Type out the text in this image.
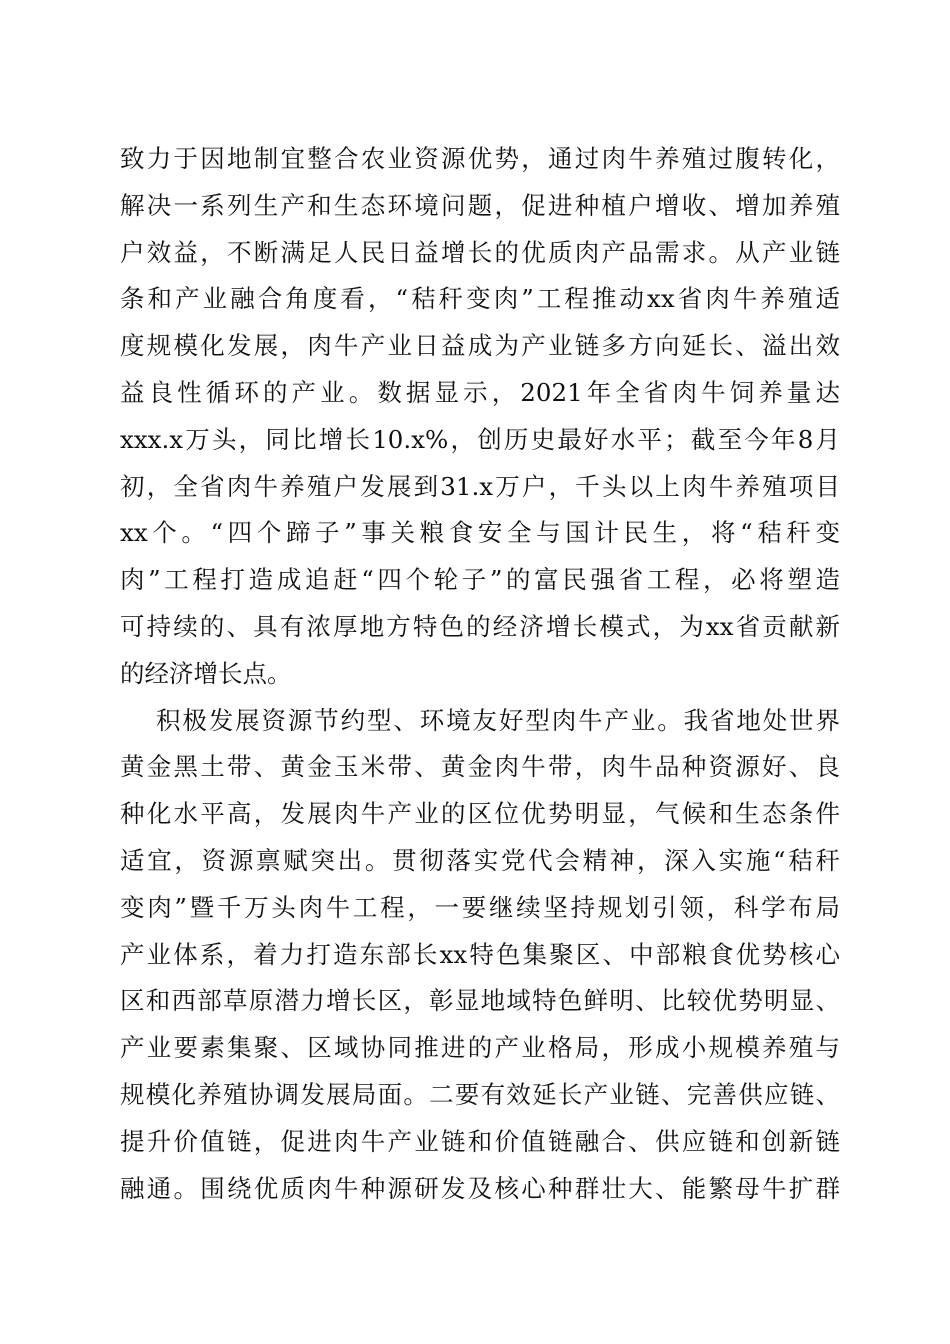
致力于因地制宜整合农业资源优势，通过肉牛养殖过腹转化，
解决一系列生产和生态环境问题，促进种植户增收、增加养殖
户效益，不断满足人民日益增长的优质肉产品需求。从产业链
条和产业融合角度看，“秸秆变肉”工程推动xx省肉牛养殖适
度规模化发展，肉牛产业日益成为产业链多方向延长、溢出效
益良性循环的产业。数据显示，2021年全省肉牛饲养量达
xxx.x万头，同比增长10.x%，创历史最好水平；截至今年8月
初，全省肉牛养殖户发展到31.x万户，千头以上肉牛养殖项目
xx个。“四个蹄子”事关粮食安全与国计民生，将“秸秆变
肉”工程打造成追赶“四个轮子”的富民强省工程，必将塑造
可持续的、具有浓厚地方特色的经济增长模式，为xx省贡献新
的经济增长点。
积极发展资源节约型、环境友好型肉牛产业。我省地处世界
黄金黑土带、黄金玉米带、黄金肉牛带，肉牛品种资源好、良
种化水平高，发展肉牛产业的区位优势明显，气候和生态条件
适宜，资源禀赋突出。贯彻落实党代会精神，深入实施“秸秆
变肉”暨千万头肉牛工程，一要继续坚持规划引领，科学布局
产业体系，着力打造东部长xx特色集聚区、中部粮食优势核心
区和西部草原潜力增长区，彰显地域特色鲜明、比较优势明显、
产业要素集聚、区域协同推进的产业格局，形成小规模养殖与
规模化养殖协调发展局面。二要有效延长产业链、完善供应链、
提升价值链，促进肉牛产业链和价值链融合、供应链和创新链
融通。围绕优质肉牛种源研发及核心种群壮大、能繁母牛扩群
